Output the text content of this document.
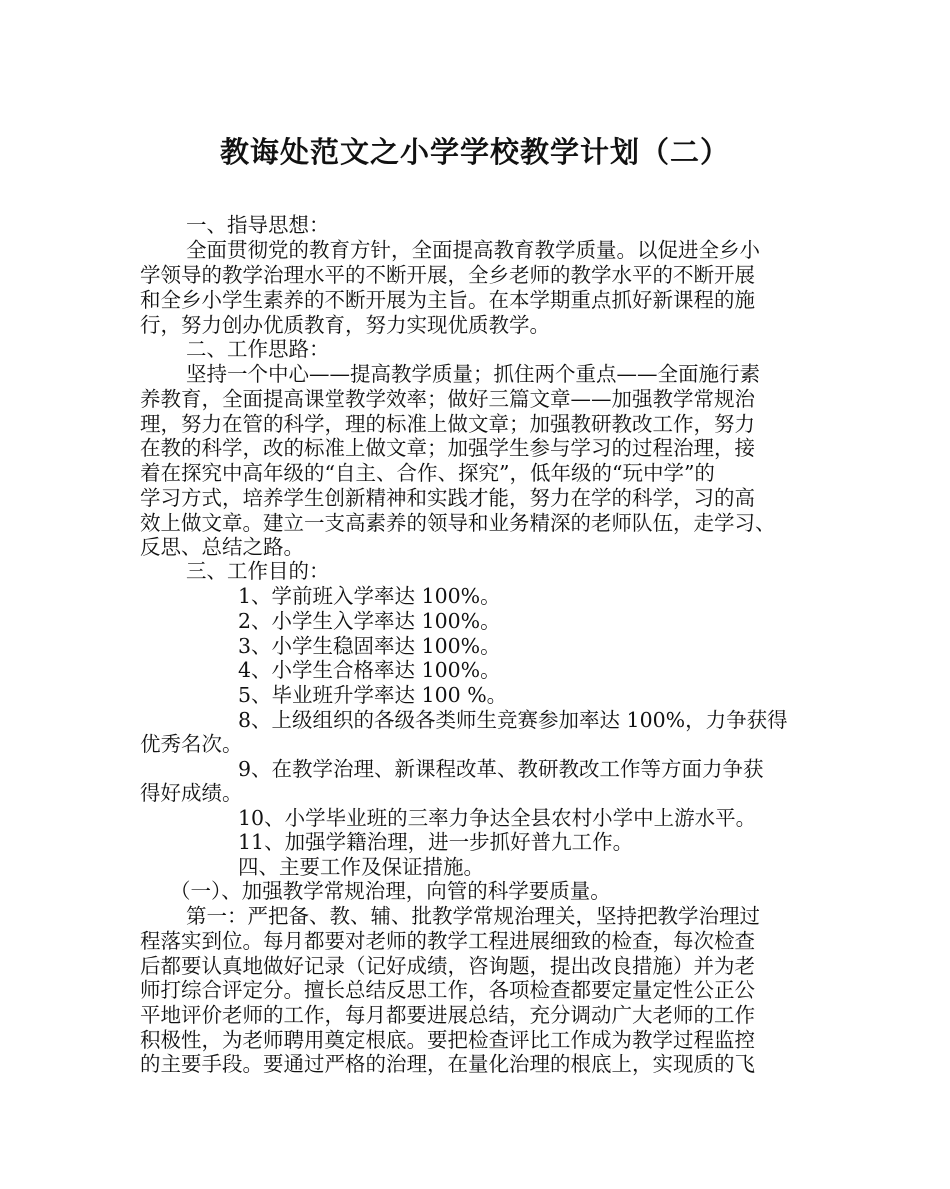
教诲处范文之小学学校教学计划（二）
一、指导思想：
全面贯彻党的教育方针，全面提高教育教学质量。以促进全乡小
学领导的教学治理水平的不断开展，全乡老师的教学水平的不断开展
和全乡小学生素养的不断开展为主旨。在本学期重点抓好新课程的施
行，努力创办优质教育，努力实现优质教学。
二、工作思路：
坚持一个中心——提高教学质量；抓住两个重点——全面施行素
养教育，全面提高课堂教学效率；做好三篇文章——加强教学常规治
理，努力在管的科学，理的标准上做文章；加强教研教改工作，努力
在教的科学，改的标准上做文章；加强学生参与学习的过程治理，接
着在探究中高年级的“自主、合作、探究”，低年级的“玩中学”的
学习方式，培养学生创新精神和实践才能，努力在学的科学，习的高
效上做文章。建立一支高素养的领导和业务精深的老师队伍，走学习、
反思、总结之路。
三、工作目的：
1、学前班入学率达 100%。
2、小学生入学率达 100%。
3、小学生稳固率达 100%。
4、小学生合格率达 100%。
5、毕业班升学率达 100 %。
8、上级组织的各级各类师生竞赛参加率达 100%，力争获得
优秀名次。
9、在教学治理、新课程改革、教研教改工作等方面力争获
得好成绩。
10、小学毕业班的三率力争达全县农村小学中上游水平。
11、加强学籍治理，进一步抓好普九工作。
四、主要工作及保证措施。
（一）、加强教学常规治理，向管的科学要质量。
第一：严把备、教、辅、批教学常规治理关，坚持把教学治理过
程落实到位。每月都要对老师的教学工程进展细致的检查，每次检查
后都要认真地做好记录（记好成绩，咨询题，提出改良措施）并为老
师打综合评定分。擅长总结反思工作，各项检查都要定量定性公正公
平地评价老师的工作，每月都要进展总结，充分调动广大老师的工作
积极性，为老师聘用奠定根底。要把检查评比工作成为教学过程监控
的主要手段。要通过严格的治理，在量化治理的根底上，实现质的飞
